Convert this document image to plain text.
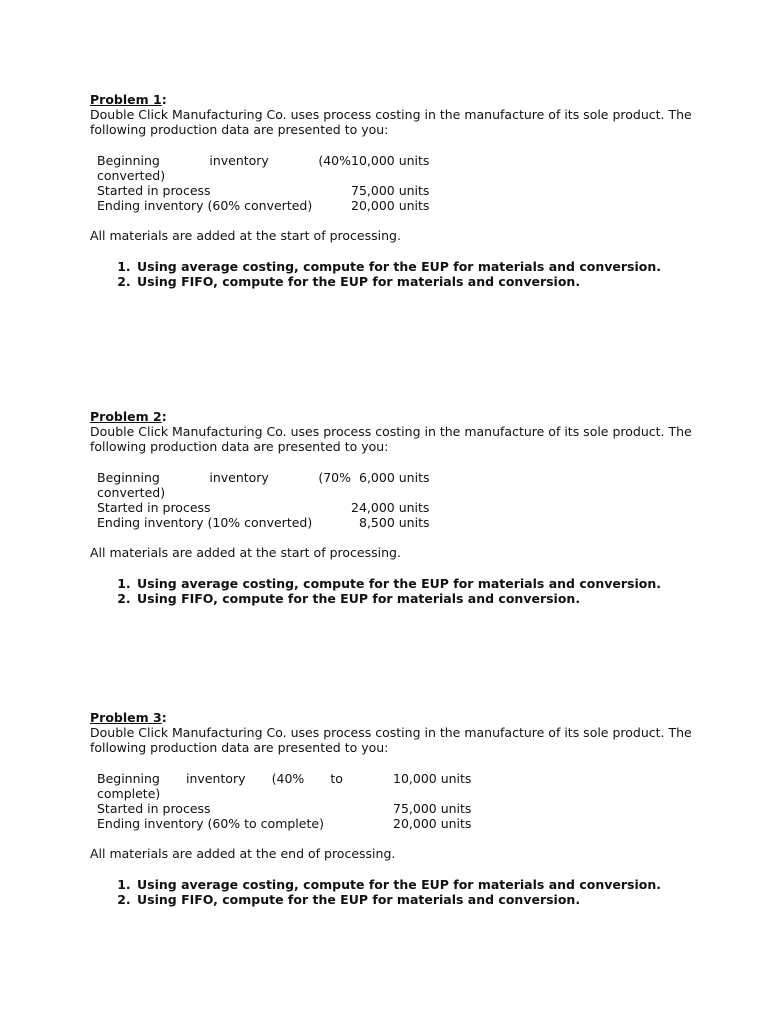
Problem 1:

Double Click Manufacturing Co. uses process costing in the manufacture of its sole product. The following production data are presented to you:

Beginning inventory (40%
converted)	10,000 units
Started in process	75,000 units
Ending inventory (60% converted)	20,000 units
All materials are added at the start of processing.
1. Using average costing, compute for the EUP for materials and conversion.
2. Using FIFO, compute for the EUP for materials and conversion.
Problem 2:

Double Click Manufacturing Co. uses process costing in the manufacture of its sole product. The following production data are presented to you:

Beginning inventory (70%
converted)	6,000 units
Started in process	24,000 units
Ending inventory (10% converted)	8,500 units
All materials are added at the start of processing.
1. Using average costing, compute for the EUP for materials and conversion.
2. Using FIFO, compute for the EUP for materials and conversion.
Problem 3:

Double Click Manufacturing Co. uses process costing in the manufacture of its sole product. The following production data are presented to you:

Beginning inventory (40% to
complete)	10,000 units
Started in process	75,000 units
Ending inventory (60% to complete)	20,000 units
All materials are added at the end of processing.
1. Using average costing, compute for the EUP for materials and conversion.
2. Using FIFO, compute for the EUP for materials and conversion.
